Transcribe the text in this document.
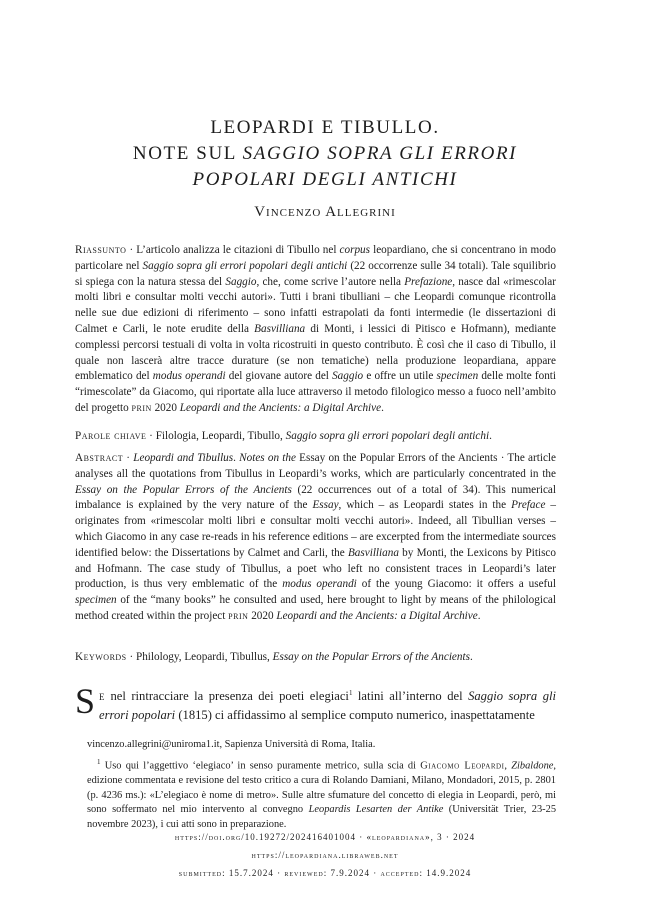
LEOPARDI E TIBULLO.
NOTE SUL SAGGIO SOPRA GLI ERRORI
POPOLARI DEGLI ANTICHI
Vincenzo Allegrini
Riassunto · L’articolo analizza le citazioni di Tibullo nel corpus leopardiano, che si concentrano in modo particolare nel Saggio sopra gli errori popolari degli antichi (22 occorrenze sulle 34 totali). Tale squilibrio si spiega con la natura stessa del Saggio, che, come scrive l’autore nella Prefazione, nasce dal «rimescolar molti libri e consultar molti vecchi autori». Tutti i brani tibulliani – che Leopardi comunque ricontrolla nelle sue due edizioni di riferimento – sono infatti estrapolati da fonti intermedie (le dissertazioni di Calmet e Carli, le note erudite della Basvilliana di Monti, i lessici di Pitisco e Hofmann), mediante complessi percorsi testuali di volta in volta ricostruiti in questo contributo. È così che il caso di Tibullo, il quale non lascerà altre tracce durature (se non tematiche) nella produzione leopardiana, appare emblematico del modus operandi del giovane autore del Saggio e offre un utile specimen delle molte fonti “rimescolate” da Giacomo, qui riportate alla luce attraverso il metodo filologico messo a fuoco nell’ambito del progetto prin 2020 Leopardi and the Ancients: a Digital Archive.
Parole chiave · Filologia, Leopardi, Tibullo, Saggio sopra gli errori popolari degli antichi.
Abstract · Leopardi and Tibullus. Notes on the Essay on the Popular Errors of the Ancients · The article analyses all the quotations from Tibullus in Leopardi’s works, which are particularly concentrated in the Essay on the Popular Errors of the Ancients (22 occurrences out of a total of 34). This numerical imbalance is explained by the very nature of the Essay, which – as Leopardi states in the Preface – originates from «rimescolar molti libri e consultar molti vecchi autori». Indeed, all Tibullian verses – which Giacomo in any case re-reads in his reference editions – are excerpted from the intermediate sources identified below: the Dissertations by Calmet and Carli, the Basvilliana by Monti, the Lexicons by Pitisco and Hofmann. The case study of Tibullus, a poet who left no consistent traces in Leopardi’s later production, is thus very emblematic of the modus operandi of the young Giacomo: it offers a useful specimen of the “many books” he consulted and used, here brought to light by means of the philological method created within the project prin 2020 Leopardi and the Ancients: a Digital Archive.
Keywords · Philology, Leopardi, Tibullus, Essay on the Popular Errors of the Ancients.
Se nel rintracciare la presenza dei poeti elegiaci$^1$ latini all’interno del Saggio sopra gli errori popolari (1815) ci affidassimo al semplice computo numerico, inaspettatamente
vincenzo.allegrini@uniroma1.it, Sapienza Università di Roma, Italia.
$^1$ Uso qui l’aggettivo ‘elegiaco’ in senso puramente metrico, sulla scia di Giacomo Leopardi, Zibaldone, edizione commentata e revisione del testo critico a cura di Rolando Damiani, Milano, Mondadori, 2015, p. 2801 (p. 4236 ms.): «L’elegiaco è nome di metro». Sulle altre sfumature del concetto di elegia in Leopardi, però, mi sono soffermato nel mio intervento al convegno Leopardis Lesarten der Antike (Universität Trier, 23-25 novembre 2023), i cui atti sono in preparazione.
https://doi.org/10.19272/202416401004 · «leopardiana», 3 · 2024
https://leopardiana.libraweb.net
submitted: 15.7.2024 · reviewed: 7.9.2024 · accepted: 14.9.2024
